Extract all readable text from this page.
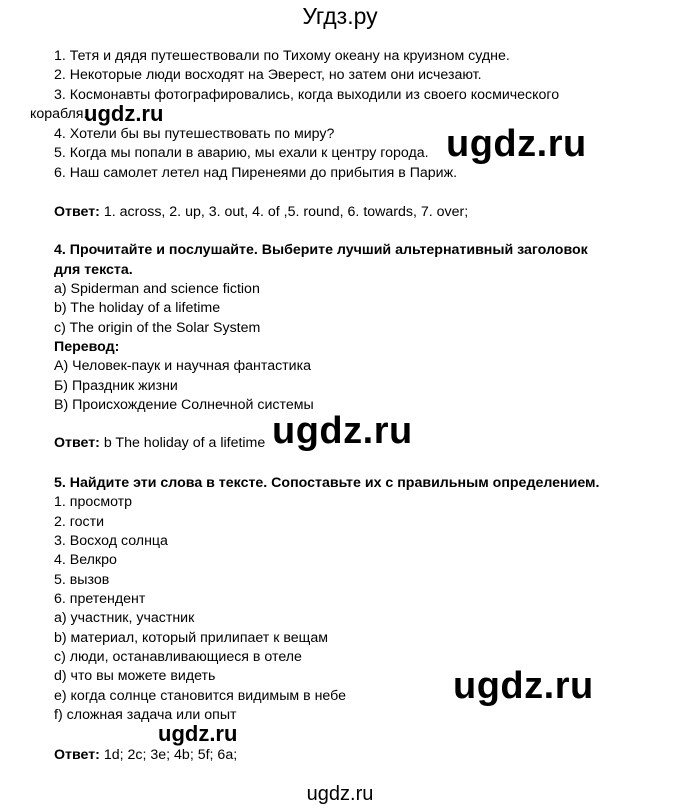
Угдз.ру
1. Тетя и дядя путешествовали по Тихому океану на круизном судне.
2. Некоторые люди восходят на Эверест, но затем они исчезают.
3. Космонавты фотографировались, когда выходили из своего космического
корабля.
ugdz.ru
4. Хотели бы вы путешествовать по миру?
5. Когда мы попали в аварию, мы ехали к центру города.
6. Наш самолет летел над Пиренеями до прибытия в Париж.
ugdz.ru
Ответ: 1. across, 2. up, 3. out, 4. of ,5. round, 6. towards, 7. over;
4. Прочитайте и послушайте. Выберите лучший альтернативный заголовок
для текста.
a) Spiderman and science fiction
b) The holiday of a lifetime
c) The origin of the Solar System
Перевод:
А) Человек-паук и научная фантастика
Б) Праздник жизни
В) Происхождение Солнечной системы
Ответ: b The holiday of a lifetime ugdz.ru
5. Найдите эти слова в тексте. Сопоставьте их с правильным определением.
1. просмотр
2. гости
3. Восход солнца
4. Велкро
5. вызов
6. претендент
a) участник, участник
b) материал, который прилипает к вещам
c) люди, останавливающиеся в отеле
d) что вы можете видеть
e) когда солнце становится видимым в небе
f) сложная задача или опыт
ugdz.ru
ugdz.ru
Ответ: 1d; 2c; 3e; 4b; 5f; 6a;
ugdz.ru
